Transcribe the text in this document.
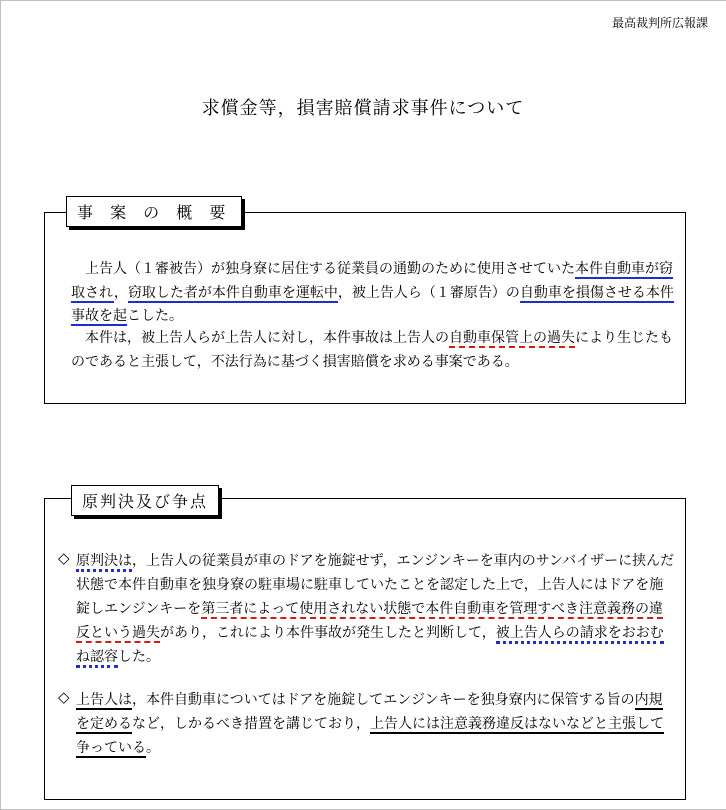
最高裁判所広報課
求償金等，損害賠償請求事件について
事 案 の 概 要

上告人（１審被告）が独身寮に居住する従業員の通勤のために使用させていた本件自動車が窃取され，窃取した者が本件自動車を運転中，被上告人ら（１審原告）の自動車を損傷させる本件事故を起こした。

本件は，被上告人らが上告人に対し，本件事故は上告人の自動車保管上の過失により生じたものであると主張して，不法行為に基づく損害賠償を求める事案である。

原判決及び争点
◇ 原判決は，上告人の従業員が車のドアを施錠せず，エンジンキーを車内のサンバイザーに挟んだ状態で本件自動車を独身寮の駐車場に駐車していたことを認定した上で，上告人にはドアを施錠しエンジンキーを第三者によって使用されない状態で本件自動車を管理すべき注意義務の違反という過失があり，これにより本件事故が発生したと判断して，被上告人らの請求をおおむね認容した。

◇ 上告人は，本件自動車についてはドアを施錠してエンジンキーを独身寮内に保管する旨の内規を定めるなど，しかるべき措置を講じており，上告人には注意義務違反はないなどと主張して争っている。
